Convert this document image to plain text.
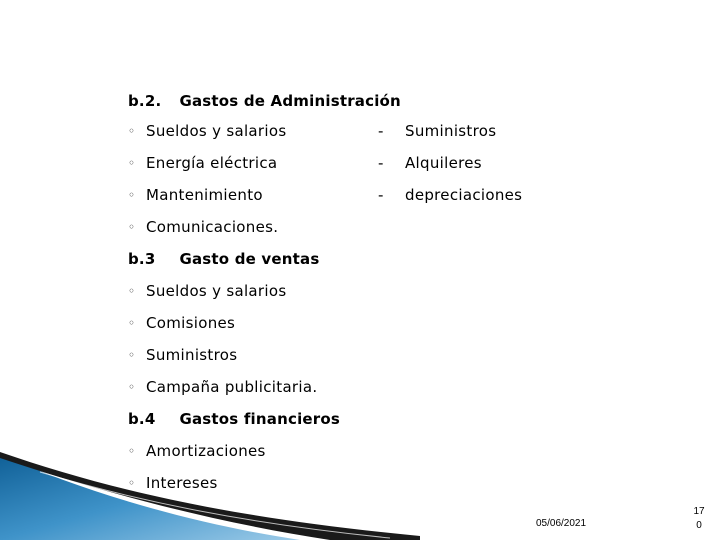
b.2. Gastos de Administración
◦ Sueldos y salarios
◦ Energía eléctrica
◦ Mantenimiento
◦ Comunicaciones.
- Suministros
- Alquileres
- depreciaciones
b.3 Gasto de ventas
◦ Sueldos y salarios
◦ Comisiones
◦ Suministros
◦ Campaña publicitaria.
b.4 Gastos financieros
◦ Amortizaciones
◦ Intereses
05/06/2021
17
0
